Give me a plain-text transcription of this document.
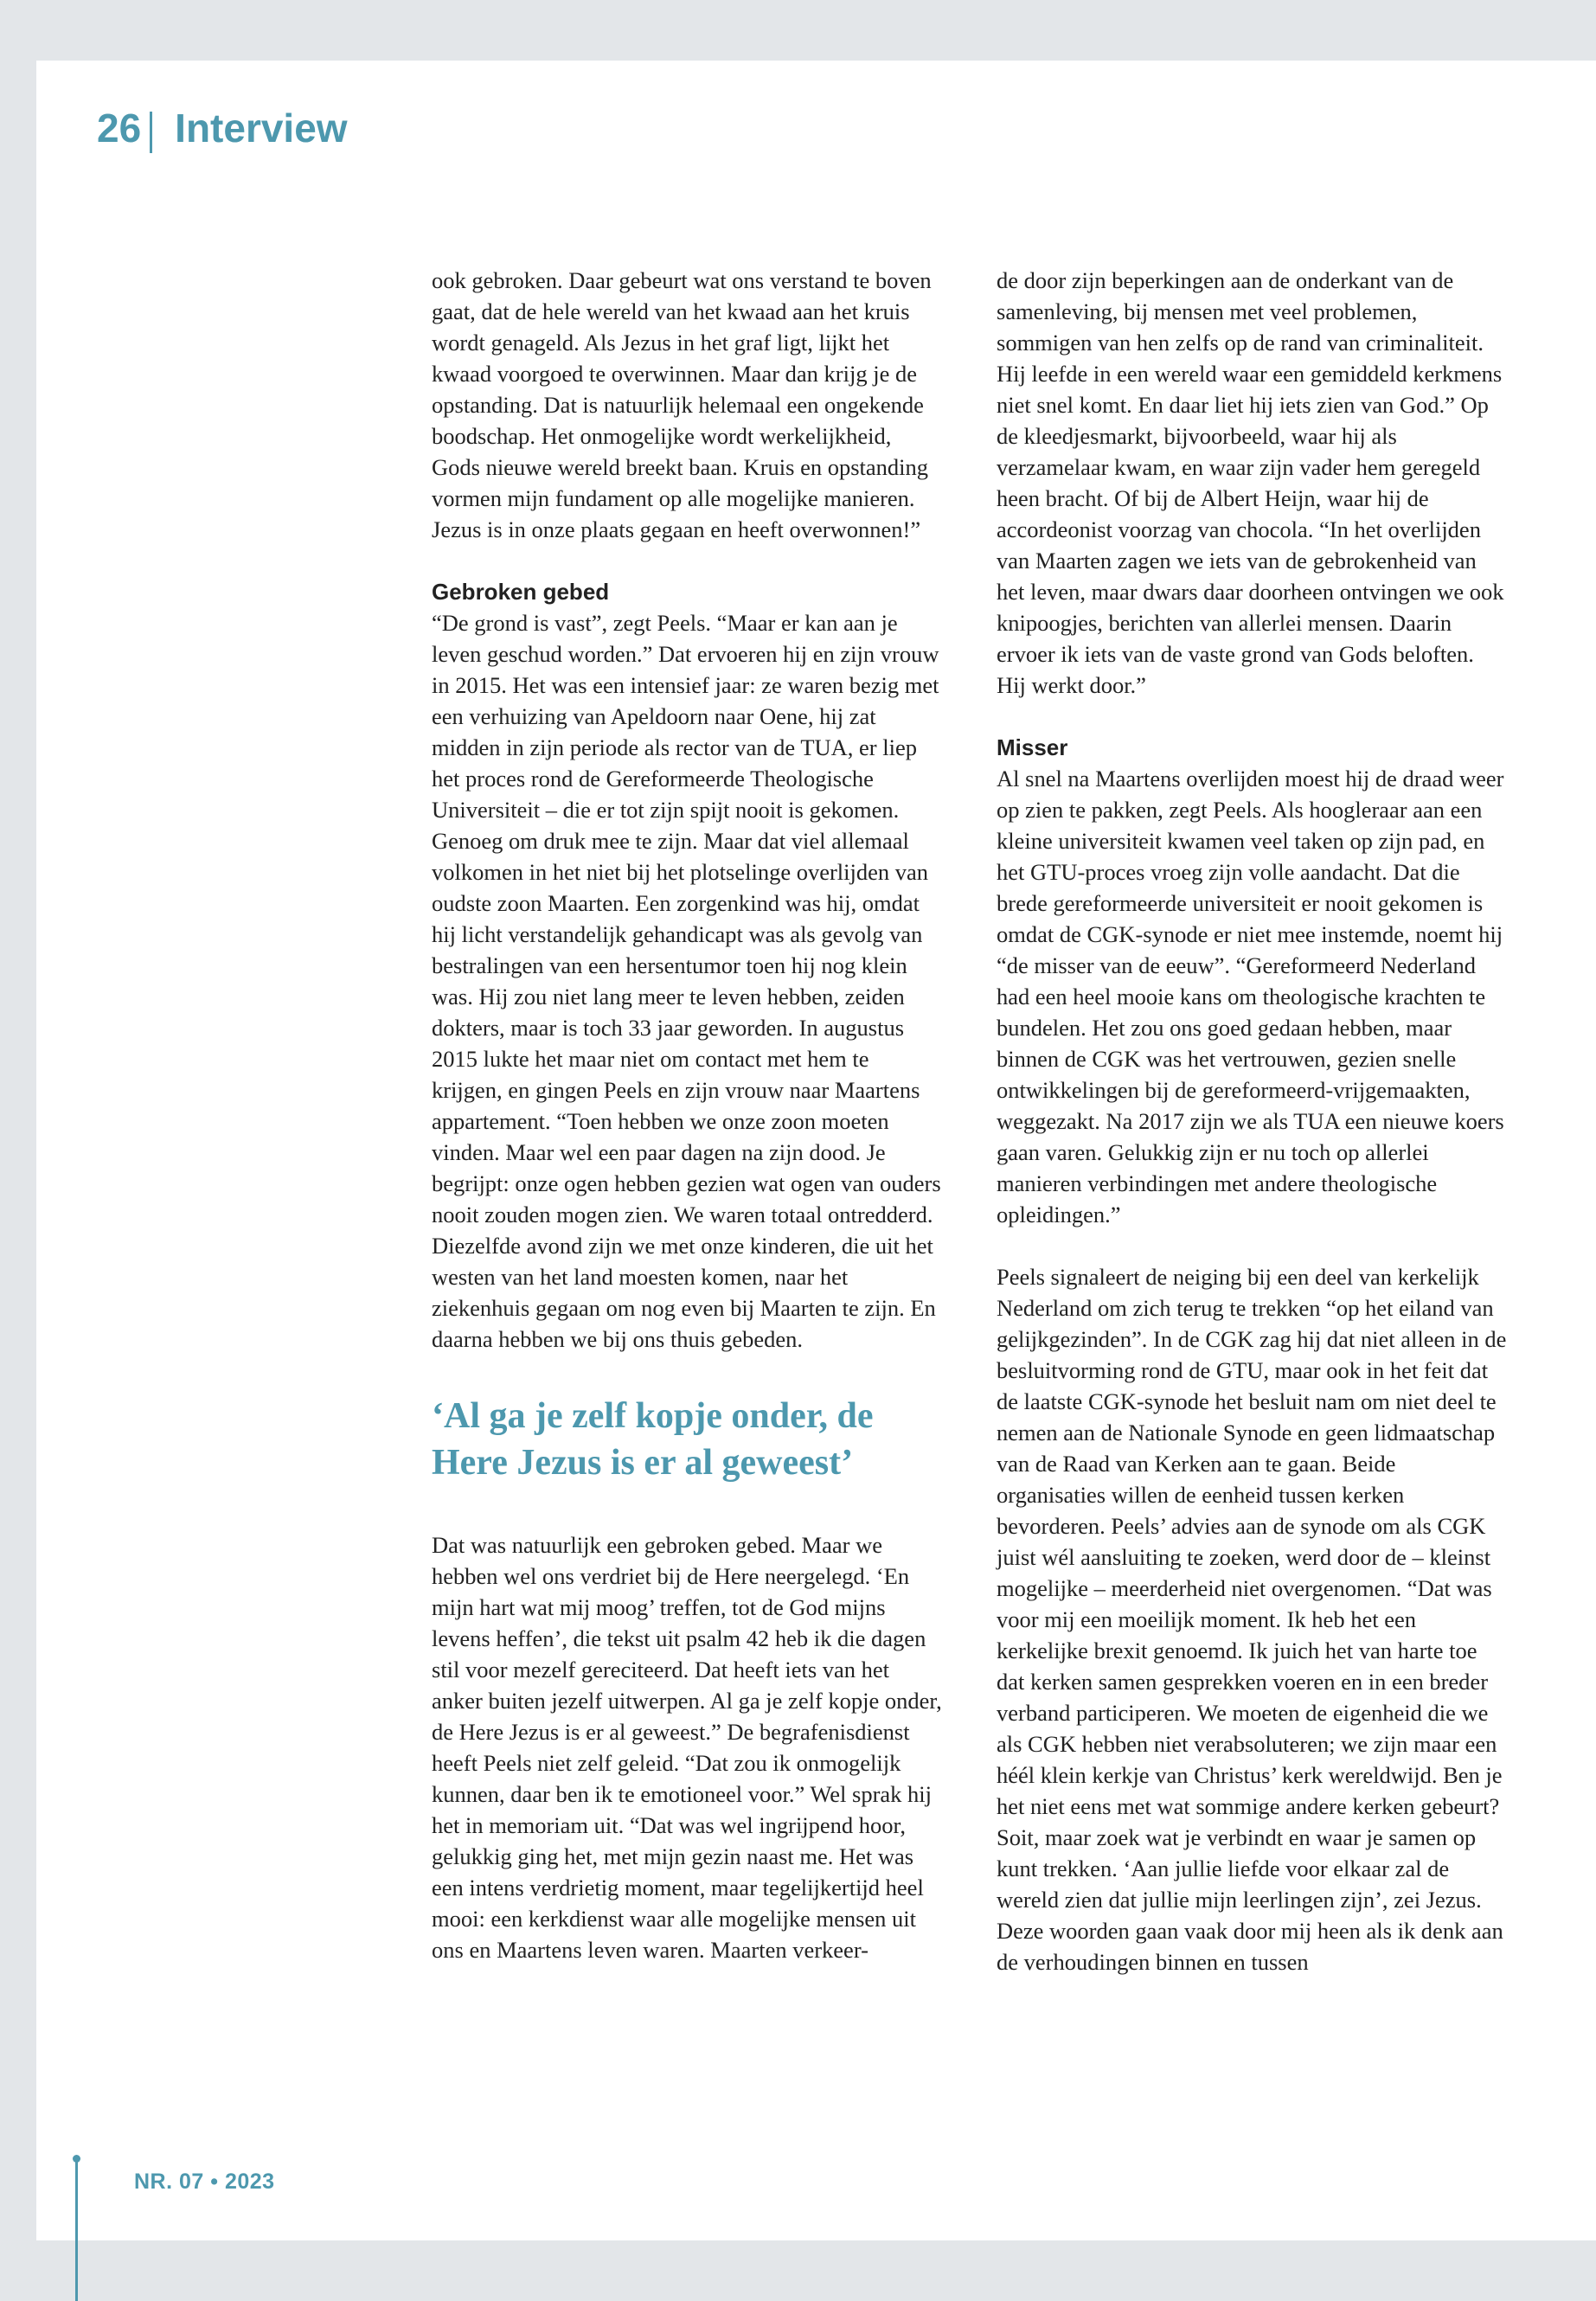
26 Interview

ook gebroken. Daar gebeurt wat ons verstand te boven gaat, dat de hele wereld van het kwaad aan het kruis wordt genageld. Als Jezus in het graf ligt, lijkt het kwaad voorgoed te overwinnen. Maar dan krijg je de opstanding. Dat is natuurlijk helemaal een ongekende boodschap. Het onmogelijke wordt werkelijkheid, Gods nieuwe wereld breekt baan. Kruis en opstanding vormen mijn fundament op alle mogelijke manieren. Jezus is in onze plaats gegaan en heeft overwonnen!”

Gebroken gebed

“De grond is vast”, zegt Peels. “Maar er kan aan je leven geschud worden.” Dat ervoeren hij en zijn vrouw in 2015. Het was een intensief jaar: ze waren bezig met een verhuizing van Apeldoorn naar Oene, hij zat midden in zijn periode als rector van de TUA, er liep het proces rond de Gereformeerde Theologische Universiteit – die er tot zijn spijt nooit is gekomen. Genoeg om druk mee te zijn. Maar dat viel allemaal volkomen in het niet bij het plotselinge overlijden van oudste zoon Maarten. Een zorgenkind was hij, omdat hij licht verstandelijk gehandicapt was als gevolg van bestralingen van een hersentumor toen hij nog klein was. Hij zou niet lang meer te leven hebben, zeiden dokters, maar is toch 33 jaar geworden. In augustus 2015 lukte het maar niet om contact met hem te krijgen, en gingen Peels en zijn vrouw naar Maartens appartement. “Toen hebben we onze zoon moeten vinden. Maar wel een paar dagen na zijn dood. Je begrijpt: onze ogen hebben gezien wat ogen van ouders nooit zouden mogen zien. We waren totaal ontredderd. Diezelfde avond zijn we met onze kinderen, die uit het westen van het land moesten komen, naar het ziekenhuis gegaan om nog even bij Maarten te zijn. En daarna hebben we bij ons thuis gebeden.

‘Al ga je zelf kopje onder, de Here Jezus is er al geweest’

Dat was natuurlijk een gebroken gebed. Maar we hebben wel ons verdriet bij de Here neergelegd. ‘En mijn hart wat mij moog’ treffen, tot de God mijns levens heffen’, die tekst uit psalm 42 heb ik die dagen stil voor mezelf gereciteerd. Dat heeft iets van het anker buiten jezelf uitwerpen. Al ga je zelf kopje onder, de Here Jezus is er al geweest.” De begrafenisdienst heeft Peels niet zelf geleid. “Dat zou ik onmogelijk kunnen, daar ben ik te emotioneel voor.” Wel sprak hij het in memoriam uit. “Dat was wel ingrijpend hoor, gelukkig ging het, met mijn gezin naast me. Het was een intens verdrietig moment, maar tegelijkertijd heel mooi: een kerkdienst waar alle mogelijke mensen uit ons en Maartens leven waren. Maarten verkeer-

de door zijn beperkingen aan de onderkant van de samenleving, bij mensen met veel problemen, sommigen van hen zelfs op de rand van criminaliteit. Hij leefde in een wereld waar een gemiddeld kerkmens niet snel komt. En daar liet hij iets zien van God.” Op de kleedjesmarkt, bijvoorbeeld, waar hij als verzamelaar kwam, en waar zijn vader hem geregeld heen bracht. Of bij de Albert Heijn, waar hij de accordeonist voorzag van chocola. “In het overlijden van Maarten zagen we iets van de gebrokenheid van het leven, maar dwars daar doorheen ontvingen we ook knipoogjes, berichten van allerlei mensen. Daarin ervoer ik iets van de vaste grond van Gods beloften. Hij werkt door.”

Misser

Al snel na Maartens overlijden moest hij de draad weer op zien te pakken, zegt Peels. Als hoogleraar aan een kleine universiteit kwamen veel taken op zijn pad, en het GTU-proces vroeg zijn volle aandacht. Dat die brede gereformeerde universiteit er nooit gekomen is omdat de CGK-synode er niet mee instemde, noemt hij “de misser van de eeuw”. “Gereformeerd Nederland had een heel mooie kans om theologische krachten te bundelen. Het zou ons goed gedaan hebben, maar binnen de CGK was het vertrouwen, gezien snelle ontwikkelingen bij de gereformeerd-vrijgemaakten, weggezakt. Na 2017 zijn we als TUA een nieuwe koers gaan varen. Gelukkig zijn er nu toch op allerlei manieren verbindingen met andere theologische opleidingen.”

Peels signaleert de neiging bij een deel van kerkelijk Nederland om zich terug te trekken “op het eiland van gelijkgezinden”. In de CGK zag hij dat niet alleen in de besluitvorming rond de GTU, maar ook in het feit dat de laatste CGK-synode het besluit nam om niet deel te nemen aan de Nationale Synode en geen lidmaatschap van de Raad van Kerken aan te gaan. Beide organisaties willen de eenheid tussen kerken bevorderen. Peels’ advies aan de synode om als CGK juist wél aansluiting te zoeken, werd door de – kleinst mogelijke – meerderheid niet overgenomen. “Dat was voor mij een moeilijk moment. Ik heb het een kerkelijke brexit genoemd. Ik juich het van harte toe dat kerken samen gesprekken voeren en in een breder verband participeren. We moeten de eigenheid die we als CGK hebben niet verabsoluteren; we zijn maar een héél klein kerkje van Christus’ kerk wereldwijd. Ben je het niet eens met wat sommige andere kerken gebeurt? Soit, maar zoek wat je verbindt en waar je samen op kunt trekken. ‘Aan jullie liefde voor elkaar zal de wereld zien dat jullie mijn leerlingen zijn’, zei Jezus. Deze woorden gaan vaak door mij heen als ik denk aan de verhoudingen binnen en tussen

NR. 07 • 2023
